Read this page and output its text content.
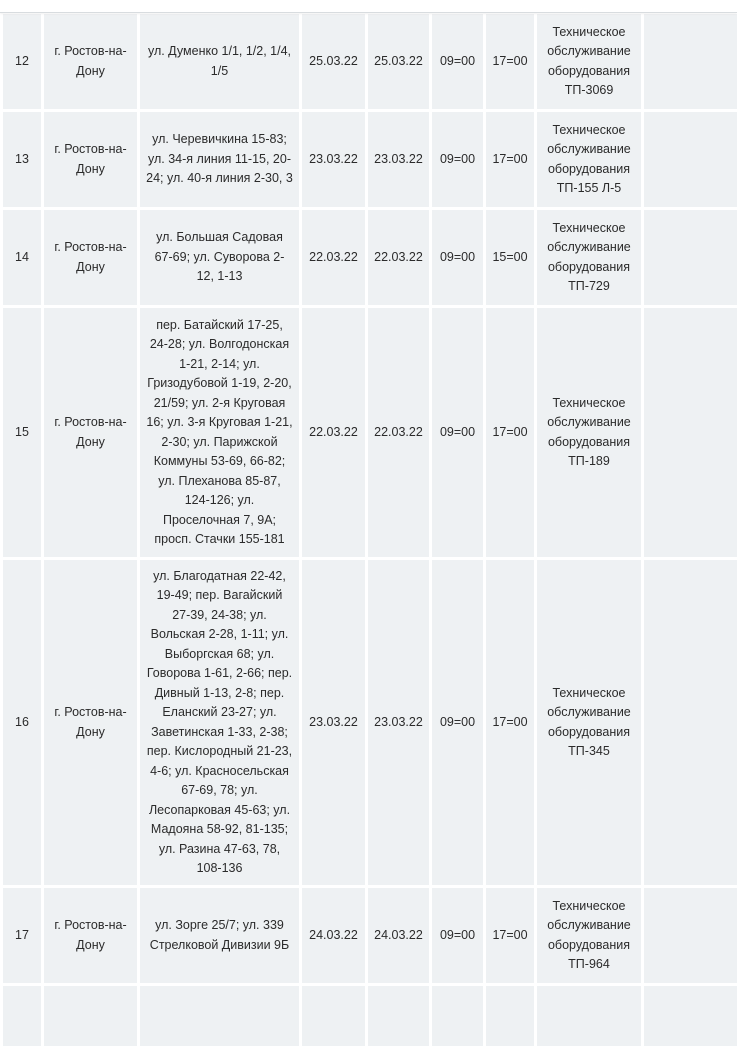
12	г. Ростов-на-Дону	ул. Думенко 1/1, 1/2, 1/4, 1/5	25.03.22	25.03.22	09=00	17=00	Техническое обслуживание оборудования ТП-3069	

13	г. Ростов-на-Дону	ул. Черевичкина 15-83; ул. 34-я линия 11-15, 20-24; ул. 40-я линия 2-30, 3	23.03.22	23.03.22	09=00	17=00	Техническое обслуживание оборудования ТП-155 Л-5	

14	г. Ростов-на-Дону	ул. Большая Садовая 67-69; ул. Суворова 2-12, 1-13	22.03.22	22.03.22	09=00	15=00	Техническое обслуживание оборудования ТП-729	

15	г. Ростов-на-Дону	пер. Батайский 17-25, 24-28; ул. Волгодонская 1-21, 2-14; ул. Гризодубовой 1-19, 2-20, 21/59; ул. 2-я Круговая 16; ул. 3-я Круговая 1-21, 2-30; ул. Парижской Коммуны 53-69, 66-82; ул. Плеханова 85-87, 124-126; ул. Проселочная 7, 9А; просп. Стачки 155-181	22.03.22	22.03.22	09=00	17=00	Техническое обслуживание оборудования ТП-189	

16	г. Ростов-на-Дону	ул. Благодатная 22-42, 19-49; пер. Вагайский 27-39, 24-38; ул. Вольская 2-28, 1-11; ул. Выборгская 68; ул. Говорова 1-61, 2-66; пер. Дивный 1-13, 2-8; пер. Еланский 23-27; ул. Заветинская 1-33, 2-38; пер. Кислородный 21-23, 4-6; ул. Красносельская 67-69, 78; ул. Лесопарковая 45-63; ул. Мадояна 58-92, 81-135; ул. Разина 47-63, 78, 108-136	23.03.22	23.03.22	09=00	17=00	Техническое обслуживание оборудования ТП-345	

17	г. Ростов-на-Дону	ул. Зорге 25/7; ул. 339 Стрелковой Дивизии 9Б	24.03.22	24.03.22	09=00	17=00	Техническое обслуживание оборудования ТП-964	
